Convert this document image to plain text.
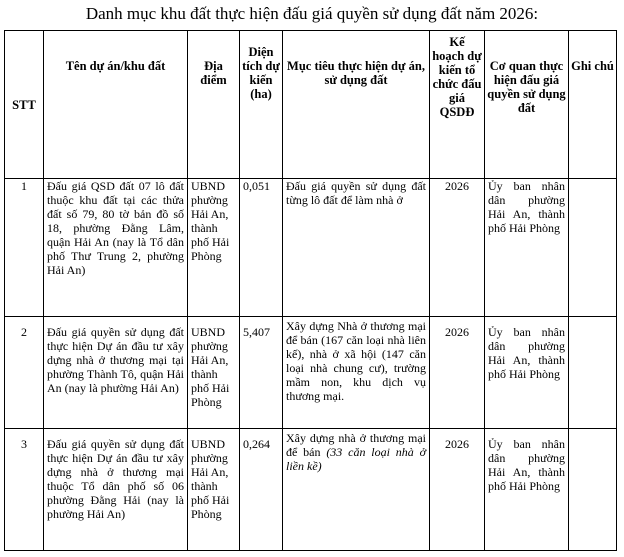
Danh mục khu đất thực hiện đấu giá quyền sử dụng đất năm 2026:
STT	Tên dự án/khu đất	Địa điểm	Diện tích dự kiến (ha)	Mục tiêu thực hiện dự án, sử dụng đất	Kế hoạch dự kiến tổ chức đấu giá QSDĐ	Cơ quan thực hiện đấu giá quyền sử dụng đất	Ghi chú
1	Đấu giá QSD đất 07 lô đất thuộc khu đất tại các thửa đất số 79, 80 tờ bản đồ số 18, phường Đằng Lâm, quận Hải An (nay là Tổ dân phố Thư Trung 2, phường Hải An)	UBND phường Hải An, thành phố Hải Phòng	0,051	Đấu giá quyền sử dụng đất từng lô đất để làm nhà ở	2026	Ủy ban nhân dân phường Hải An, thành phố Hải Phòng	
2	Đấu giá quyền sử dụng đất thực hiện Dự án đầu tư xây dựng nhà ở thương mại tại phường Thành Tô, quận Hải An (nay là phường Hải An)	UBND phường Hải An, thành phố Hải Phòng	5,407	Xây dựng Nhà ở thương mại để bán (167 căn loại nhà liên kế), nhà ở xã hội (147 căn loại nhà chung cư), trường mầm non, khu dịch vụ thương mại.	2026	Ủy ban nhân dân phường Hải An, thành phố Hải Phòng	
3	Đấu giá quyền sử dụng đất thực hiện Dự án đầu tư xây dựng nhà ở thương mại thuộc Tổ dân phố số 06 phường Đằng Hải (nay là phường Hải An)	UBND phường Hải An, thành phố Hải Phòng	0,264	Xây dựng nhà ở thương mại để bán (33 căn loại nhà ở liền kề)	2026	Ủy ban nhân dân phường Hải An, thành phố Hải Phòng	
